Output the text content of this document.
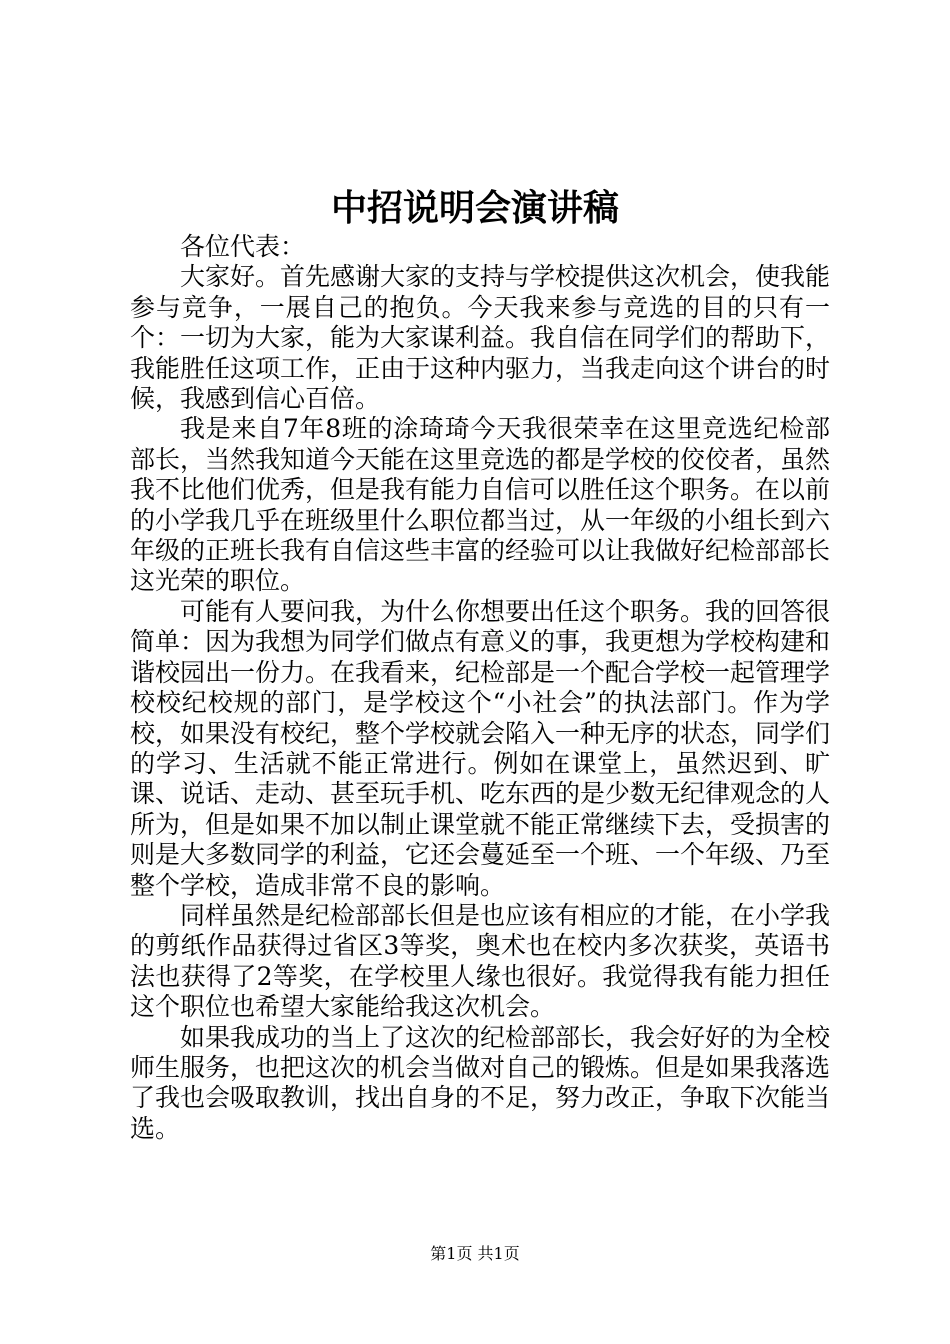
中招说明会演讲稿

各位代表：

大家好。首先感谢大家的支持与学校提供这次机会，使我能参与竞争，一展自己的抱负。今天我来参与竞选的目的只有一个：一切为大家，能为大家谋利益。我自信在同学们的帮助下，我能胜任这项工作，正由于这种内驱力，当我走向这个讲台的时候，我感到信心百倍。

我是来自7年8班的涂琦琦今天我很荣幸在这里竞选纪检部部长，当然我知道今天能在这里竞选的都是学校的佼佼者，虽然我不比他们优秀，但是我有能力自信可以胜任这个职务。在以前的小学我几乎在班级里什么职位都当过，从一年级的小组长到六年级的正班长我有自信这些丰富的经验可以让我做好纪检部部长这光荣的职位。

可能有人要问我，为什么你想要出任这个职务。我的回答很简单：因为我想为同学们做点有意义的事，我更想为学校构建和谐校园出一份力。在我看来，纪检部是一个配合学校一起管理学校校纪校规的部门，是学校这个“小社会”的执法部门。作为学校，如果没有校纪，整个学校就会陷入一种无序的状态，同学们的学习、生活就不能正常进行。例如在课堂上，虽然迟到、旷课、说话、走动、甚至玩手机、吃东西的是少数无纪律观念的人所为，但是如果不加以制止课堂就不能正常继续下去，受损害的则是大多数同学的利益，它还会蔓延至一个班、一个年级、乃至整个学校，造成非常不良的影响。

同样虽然是纪检部部长但是也应该有相应的才能，在小学我的剪纸作品获得过省区3等奖，奥术也在校内多次获奖，英语书法也获得了2等奖，在学校里人缘也很好。我觉得我有能力担任这个职位也希望大家能给我这次机会。

如果我成功的当上了这次的纪检部部长，我会好好的为全校师生服务，也把这次的机会当做对自己的锻炼。但是如果我落选了我也会吸取教训，找出自身的不足，努力改正，争取下次能当选。

第1页 共1页
